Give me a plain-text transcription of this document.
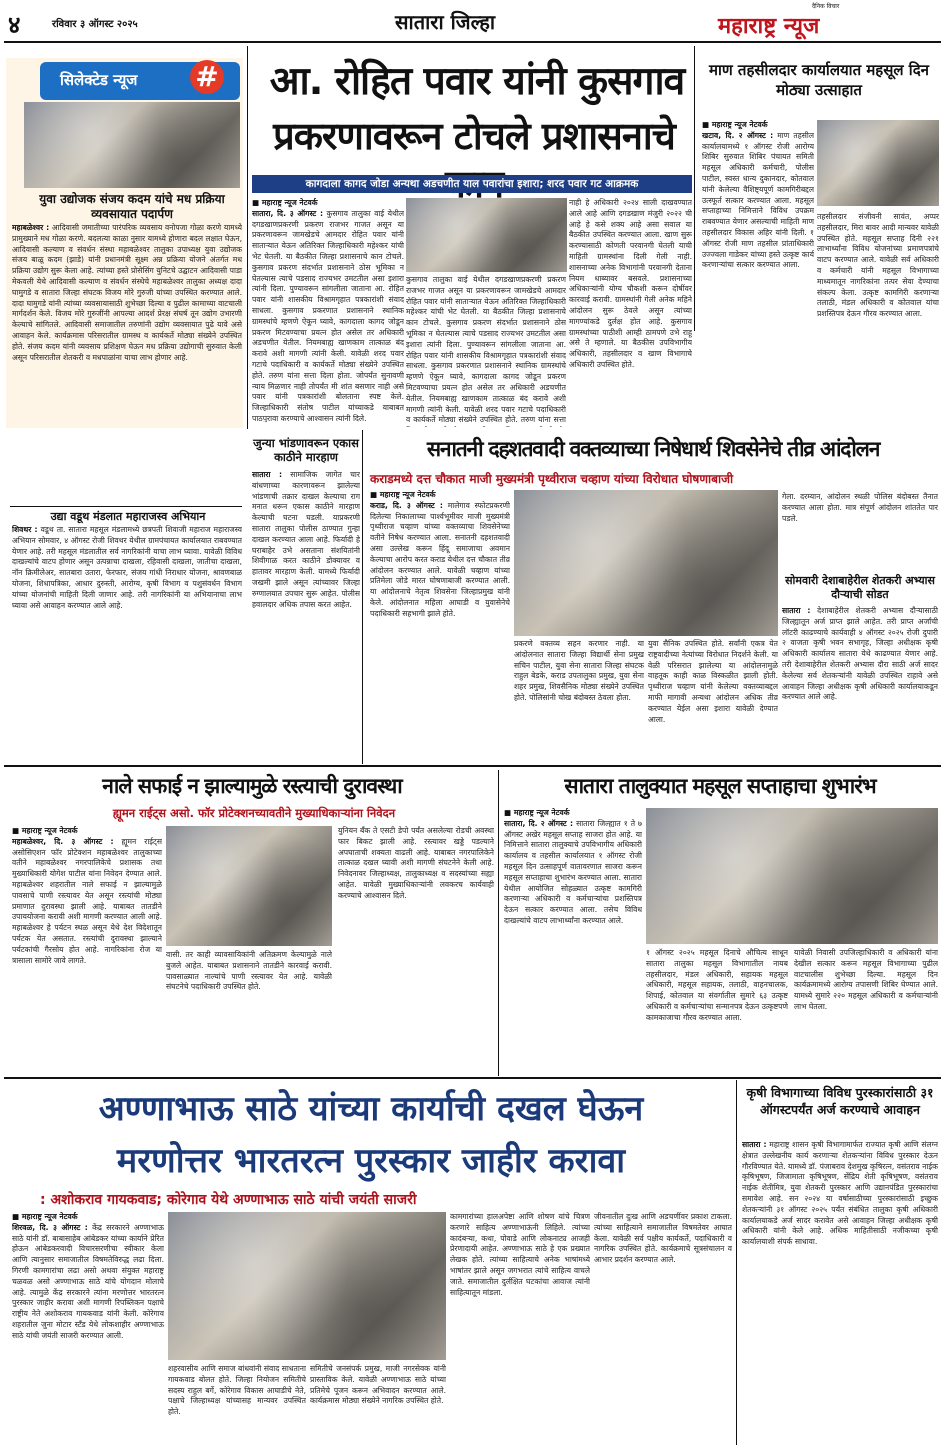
४	रविवार ३ ऑगस्ट २०२५	सातारा जिल्हा
दैनिक विचार
महाराष्ट्र न्यूज
सिलेक्टेड न्यूज #
युवा उद्योजक संजय कदम यांचे मध प्रक्रिया व्यवसायात पदार्पण
महाबळेश्वर : आदिवासी जमातीच्या पारंपरिक व्यवसाय वनोपजा गोळा करणे यामध्ये प्रामुख्याने मध गोळा करणे. बदलत्या काळा नुसार यामध्ये होणारा बदल लक्षात घेऊन, आदिवासी कल्याण व संवर्धन संस्था महाबळेश्वर तालुका उपाध्यक्ष युवा उद्योजक संजय बाळू कदम (झाडे) यांनी प्रधानमंत्री सूक्ष्म अन्न प्रक्रिया योजने अंतर्गत मध प्रक्रिया उद्योग सुरू केला आहे. त्यांच्या हस्ते प्रोसेसिंग युनिटचे उद्घाटन आदिवासी पाडा मेकवली येथे आदिवासी कल्याण व संवर्धन संस्थेचे महाबळेश्वर तालुका अध्यक्ष दादा घामुगडे व सातारा जिल्हा संघटक विजय मोरे गुरुजी यांच्या उपस्थित करण्यात आले. दादा घामुगडे यांनी त्यांच्या व्यवसायासाठी शुभेच्छा दिल्या व पुढील कामाच्या वाटचाली मार्गदर्शन केले. विजय मोरे गुरुजींनी आपल्या आदर्श प्रेरक्ष संघर्ष तून उद्योग उभारणी केल्याचे सांगितले. आदिवासी समाजातील तरुणांनी उद्योग व्यवसायात पुढे यावे असे आवाहन केले. कार्यक्रमास परिसरातील ग्रामस्थ व कार्यकर्ते मोठ्या संख्येने उपस्थित होते. संजय कदम यांनी व्यवसाय प्रशिक्षण घेऊन मध प्रक्रिया उद्योगाची सुरुवात केली असून परिसरातील शेतकरी व मधपाळांना याचा लाभ होणार आहे.
उद्या वडूथ मंडलात महाराजस्व अभियान
शिवथर : वडूथ ता. सातारा महसूल मंडलामध्ये छत्रपती शिवाजी महाराज महाराजस्व अभियान सोमवार, ४ ऑगस्ट रोजी शिवथर येथील ग्रामपंचायत कार्यालयात राबवण्यात येणार आहे. तरी महसूल मंडलातील सर्व नागरिकांनी याचा लाभ घ्यावा. यावेळी विविध दाखल्यांचे वाटप होणार असून उत्पन्नाचा दाखला, रहिवासी दाखला, जातीचा दाखला, नॉन क्रिमीलेअर, सातबारा उतारा, फेरफार, संजय गांधी निराधार योजना, श्रावणबाळ योजना, शिधापत्रिका, आधार दुरुस्ती, आरोग्य, कृषी विभाग व पशुसंवर्धन विभाग यांच्या योजनांची माहिती दिली जाणार आहे. तरी नागरिकांनी या अभियानाचा लाभ घ्यावा असे आवाहन करण्यात आले आहे.
आ. रोहित पवार यांनी कुसगाव
प्रकरणावरून टोचले प्रशासनाचे
कागदाला कागद जोडा अन्यथा अडचणीत याल पवारांचा इशारा; शरद पवार गट आक्रमक
■ महाराष्ट्र न्यूज नेटवर्क
सातारा, दि. ३ ऑगस्ट : कुसगाव तालुका वाई येथील दगडखाणप्रकरणी प्रकरण राजभर गाजत असून या प्रकरणावरून जामखेडचे आमदार रोहित पवार यांनी साताऱ्यात येऊन अतिरिक्त जिल्हाधिकारी महेश्कर यांची भेट घेतली. या बैठकीत जिल्हा प्रशासनाचे कान टोचले. कुसगाव प्रकरण संदर्भात प्रशासनाने ठोस भूमिका न घेतल्यास त्याचे पडसाद राज्यभर उमटतील असा इशारा त्यांनी दिला. पुण्यावरून सांगलीला जाताना आ. रोहित पवार यांनी शासकीय विश्रामगृहात पत्रकारांशी संवाद साधला. कुसगाव प्रकरणात प्रशासनाने स्थानिक ग्रामस्थांचे म्हणणे ऐकून घ्यावे, कागदाला कागद जोडून प्रकरण मिटवण्याचा प्रयत्न होत असेल तर अधिकारी अडचणीत येतील. नियमबाह्य खाणकाम तात्काळ बंद करावे अशी मागणी त्यांनी केली. यावेळी शरद पवार गटाचे पदाधिकारी व कार्यकर्ते मोठ्या संख्येने उपस्थित होते. तरुण यांना सत्ता दिला होता. जोपर्यंत सुनावणी न्याय मिळणार नाही तोपर्यंत मी शांत बसणार नाही असे पवार यांनी पत्रकारांशी बोलताना स्पष्ट केले. जिल्हाधिकारी संतोष पाटील यांच्याकडे याबाबत पाठपुरावा करण्याचे आश्वासन त्यांनी दिले.
कुसगाव तालुका वाई येथील दगडखाणप्रकरणी प्रकरण राजभर गाजत असून या प्रकरणावरून जामखेडचे आमदार रोहित पवार यांनी साताऱ्यात येऊन अतिरिक्त जिल्हाधिकारी महेश्कर यांची भेट घेतली. या बैठकीत जिल्हा प्रशासनाचे कान टोचले. कुसगाव प्रकरण संदर्भात प्रशासनाने ठोस भूमिका न घेतल्यास त्याचे पडसाद राज्यभर उमटतील असा इशारा त्यांनी दिला. पुण्यावरून सांगलीला जाताना आ. रोहित पवार यांनी शासकीय विश्रामगृहात पत्रकारांशी संवाद साधला. कुसगाव प्रकरणात प्रशासनाने स्थानिक ग्रामस्थांचे म्हणणे ऐकून घ्यावे, कागदाला कागद जोडून प्रकरण मिटवण्याचा प्रयत्न होत असेल तर अधिकारी अडचणीत येतील. नियमबाह्य खाणकाम तात्काळ बंद करावे अशी मागणी त्यांनी केली. यावेळी शरद पवार गटाचे पदाधिकारी व कार्यकर्ते मोठ्या संख्येने उपस्थित होते. तरुण यांना सत्ता
नाही हे अधिकारी २०२४ साली दाखवण्यात आले आहे आणि दगडखाण मंजुरी २०२२ ची आहे हे कसे शक्य आहे असा सवाल या बैठकीत उपस्थित करण्यात आला. खाण सुरू करण्यासाठी कोणती परवानगी घेतली याची माहिती ग्रामस्थांना दिली गेली नाही. शासनाच्या अनेक विभागांनी परवानगी देताना नियम धाब्यावर बसवले. प्रशासनाच्या अधिकाऱ्यांनी योग्य चौकशी करून दोषींवर कारवाई करावी. ग्रामस्थांनी गेली अनेक महिने आंदोलन सुरू ठेवले असून त्यांच्या मागण्यांकडे दुर्लक्ष होत आहे. कुसगाव ग्रामस्थांच्या पाठीशी आम्ही ठामपणे उभे राहू असे ते म्हणाले. या बैठकीस उपविभागीय अधिकारी, तहसीलदार व खाण विभागाचे अधिकारी उपस्थित होते.
माण तहसीलदार कार्यालयात महसूल दिन मोठ्या उत्साहात
■ महाराष्ट्र न्यूज नेटवर्क
खटाव, दि. २ ऑगस्ट : माण तहसील कार्यालयामध्ये १ ऑगस्ट रोजी आरोग्य शिबिर सुरुवात शिबिर पंचायत समिती महसूल अधिकारी कर्मचारी, पोलीस पाटील, स्वस्त धान्य दुकानदार, कोतवाल यांनी केलेल्या वैशिष्ट्यपूर्ण कामगिरीबद्दल उत्स्फूर्त सत्कार करण्यात आला. महसूल सप्ताहाच्या निमित्ताने विविध उपक्रम राबवण्यात येणार असल्याची माहिती माण तहसीलदार विकास अहिर यांनी दिली. १ ऑगस्ट रोजी माण तहसील प्रांताधिकारी उज्ज्वला गाडेकर यांच्या हस्ते उत्कृष्ट कार्य करणाऱ्यांचा सत्कार करण्यात आला.
तहसीलदार संजीवनी सावंत, अप्पर तहसीलदार, मिरा बावर आदी मान्यवर यावेळी उपस्थित होते. महसूल सप्ताह दिनी २२१ लाभार्थ्यांना विविध योजनांच्या प्रमाणपत्रांचे वाटप करण्यात आले. यावेळी सर्व अधिकारी व कर्मचारी यांनी महसूल विभागाच्या माध्यमातून नागरिकांना तत्पर सेवा देण्याचा संकल्प केला. उत्कृष्ट कामगिरी करणाऱ्या तलाठी, मंडल अधिकारी व कोतवाल यांचा प्रशस्तिपत्र देऊन गौरव करण्यात आला.
जुन्या भांडणावरून एकास काठीने मारहाण
सातारा : सामाजिक जागेत चार बांधणाच्या कारणावरून झालेल्या भांडणाची तक्रार दाखल केल्याचा राग मनात धरून एकास काठीने मारहाण केल्याची घटना घडली. याप्रकरणी सातारा तालुका पोलीस ठाण्यात गुन्हा दाखल करण्यात आला आहे. फिर्यादी हे घराबाहेर उभे असताना संशयितांनी शिवीगाळ करत काठीने डोक्यावर व हातावर मारहाण केली. यामध्ये फिर्यादी जखमी झाले असून त्यांच्यावर जिल्हा रुग्णालयात उपचार सुरू आहेत. पोलीस हवालदार अधिक तपास करत आहेत.
सनातनी दहशतवादी वक्तव्याच्या निषेधार्थ शिवसेनेचे तीव्र आंदोलन
कराडमध्ये दत्त चौकात माजी मुख्यमंत्री पृथ्वीराज चव्हाण यांच्या विरोधात घोषणाबाजी
■ महाराष्ट्र न्यूज नेटवर्क
कराड, दि. ३ ऑगस्ट : मालेगाव स्फोटप्रकरणी दिलेल्या निकालाच्या पार्श्वभूमीवर माजी मुख्यमंत्री पृथ्वीराज चव्हाण यांच्या वक्तव्याचा शिवसेनेच्या वतीने निषेध करण्यात आला. सनातनी दहशतवादी असा उल्लेख करून हिंदू समाजाचा अवमान केल्याचा आरोप करत कराड येथील दत्त चौकात तीव्र आंदोलन करण्यात आले. यावेळी चव्हाण यांच्या प्रतिमेला जोडे मारत घोषणाबाजी करण्यात आली. या आंदोलनाचे नेतृत्व शिवसेना जिल्हाप्रमुख यांनी केले. आंदोलनात महिला आघाडी व युवासेनेचे पदाधिकारी सहभागी झाले होते.
प्रकरणे वक्तव्य सहन करणार नाही. या आंदोलनात सातारा जिल्हा विद्यार्थी सेना प्रमुख सचिन पाटील, युवा सेना सातारा जिल्हा संघटक राहुल बेडके, कराड उपतालुका प्रमुख, युवा सेना शहर प्रमुख, शिवसैनिक मोठ्या संख्येने उपस्थित होते. पोलिसांनी चोख बंदोबस्त ठेवला होता.
युवा सैनिक उपस्थित होते. सर्वांनी एकत्र येत राष्ट्रवादीच्या नेत्यांच्या विरोधात निदर्शने केली. या वेळी परिसरात झालेल्या या आंदोलनामुळे वाहतूक काही काळ विस्कळीत झाली होती. पृथ्वीराज चव्हाण यांनी केलेल्या वक्तव्याबद्दल माफी मागावी अन्यथा आंदोलन अधिक तीव्र करण्यात येईल असा इशारा यावेळी देण्यात आला.
गेला. दरम्यान, आंदोलन स्थळी पोलिस बंदोबस्त तैनात करण्यात आला होता. मात्र संपूर्ण आंदोलन शांततेत पार पडले.
सोमवारी देशाबाहेरील शेतकरी अभ्यास दौऱ्याची सोडत
सातारा : देशाबाहेरील शेतकरी अभ्यास दौऱ्यासाठी जिल्ह्यातून अर्ज प्राप्त झाले आहेत. तरी प्राप्त अर्जांची लॉटरी काढण्याचे कार्यवाही ४ ऑगस्ट २०२५ रोजी दुपारी २ वाजता कृषी भवन सभागृह, जिल्हा अधीक्षक कृषी अधिकारी कार्यालय सातारा येथे काढण्यात येणार आहे. तरी देशाबाहेरील शेतकरी अभ्यास दौरा साठी अर्ज सादर केलेल्या सर्व शेतकऱ्यांनी यावेळी उपस्थित राहावे असे आवाहन जिल्हा अधीक्षक कृषी अधिकारी कार्यालयाकडून करण्यात आले आहे.
नाले सफाई न झाल्यामुळे रस्त्याची दुरावस्था
ह्यूमन राईट्स असो. फॉर प्रोटेक्शनच्यावतीने मुख्याधिकाऱ्यांना निवेदन
■ महाराष्ट्र न्यूज नेटवर्क
महाबळेश्वर, दि. ३ ऑगस्ट : ह्यूमन राईट्स असोसिएशन फॉर प्रोटेक्शन महाबळेश्वर तालुकाच्या वतीने महाबळेश्वर नगरपालिकेचे प्रशासक तथा मुख्याधिकारी योगेश पाटील यांना निवेदन देण्यात आले. महाबळेश्वर शहरातील नाले सफाई न झाल्यामुळे पावसाचे पाणी रस्त्यावर येत असून रस्त्यांची मोठ्या प्रमाणात दुरावस्था झाली आहे. याबाबत तातडीने उपाययोजना करावी अशी मागणी करण्यात आली आहे. महाबळेश्वर हे पर्यटन स्थळ असून येथे देश विदेशातून पर्यटक येत असतात. रस्त्यांची दुरावस्था झाल्याने पर्यटकांची गैरसोय होत आहे. नागरिकांना रोज या त्रासाला सामोरे जावे लागते.
वासी. तर काही व्यावसायिकांनी अतिक्रमण केल्यामुळे नाले बुजले आहेत. याबाबत प्रशासनाने तातडीने कारवाई करावी. पावसाळ्यात नाल्यांचे पाणी रस्त्यावर येत आहे. यावेळी संघटनेचे पदाधिकारी उपस्थित होते.
युनियन बँक ते एसटी डेपो पर्यंत असलेल्या रोडची अवस्था फार बिकट झाली आहे. रस्त्यावर खड्डे पडल्याने अपघाताची शक्यता वाढली आहे. याबाबत नगरपालिकेने तात्काळ दखल घ्यावी अशी मागणी संघटनेने केली आहे. निवेदनावर जिल्हाध्यक्ष, तालुकाध्यक्ष व सदस्यांच्या सह्या आहेत. यावेळी मुख्याधिकाऱ्यांनी लवकरच कार्यवाही करण्याचे आश्वासन दिले.
सातारा तालुक्यात महसूल सप्ताहाचा शुभारंभ
■ महाराष्ट्र न्यूज नेटवर्क
सातारा, दि. २ ऑगस्ट : सातारा जिल्ह्यात १ ते ७ ऑगस्ट अखेर महसूल सप्ताह साजरा होत आहे. या निमित्ताने सातारा तालुक्याचे उपविभागीय अधिकारी कार्यालय व तहसील कार्यालयात १ ऑगस्ट रोजी महसूल दिन उत्साहपूर्ण वातावरणात साजरा करून महसूल सप्ताहाचा शुभारंभ करण्यात आला. सातारा येथील आयोजित सोहळ्यात उत्कृष्ट कामगिरी करणाऱ्या अधिकारी व कर्मचाऱ्यांचा प्रशस्तिपत्र देऊन सत्कार करण्यात आला. तसेच विविध दाखल्यांचे वाटप लाभार्थ्यांना करण्यात आले.
१ ऑगस्ट २०२५ महसूल दिनाचे औचित्य साधून सातारा तालुका महसूल विभागातील नायब तहसीलदार, मंडल अधिकारी, सहायक महसूल अधिकारी, महसूल सहायक, तलाठी, वाहनचालक, शिपाई, कोतवाल या संवर्गातील सुमारे ६३ उत्कृष्ट अधिकारी व कर्मचाऱ्यांचा सन्मानपत्र देऊन उत्कृष्टपणे कामकाजाचा गौरव करण्यात आला.
यावेळी निवासी उपजिल्हाधिकारी व अधिकारी यांना देखील सत्कार करून महसूल विभागाच्या पुढील वाटचालीस शुभेच्छा दिल्या. महसूल दिन कार्यक्रमामध्ये आरोग्य तपासणी शिबिर घेण्यात आले. यामध्ये सुमारे २२० महसूल अधिकारी व कर्मचाऱ्यांनी लाभ घेतला.
अण्णाभाऊ साठे यांच्या कार्याची दखल घेऊन
मरणोत्तर भारतरत्न पुरस्कार जाहीर करावा
: अशोकराव गायकवाड; कोरेगाव येथे अण्णाभाऊ साठे यांची जयंती साजरी
■ महाराष्ट्र न्यूज नेटवर्क
शिरवळ, दि. ३ ऑगस्ट : केंद्र सरकारने अण्णाभाऊ साठे यांनी डॉ. बाबासाहेब आंबेडकर यांच्या कार्याने प्रेरित होऊन आंबेडकरवादी विचारसरणीचा स्वीकार केला आणि त्यानुसार समाजातील विषमतेविरुद्ध लढा दिला. गिरणी कामगारांचा लढा असो अथवा संयुक्त महाराष्ट्र चळवळ असो अण्णाभाऊ साठे यांचे योगदान मोलाचे आहे. त्यामुळे केंद्र सरकारने त्यांना मरणोत्तर भारतरत्न पुरस्कार जाहीर करावा अशी मागणी रिपब्लिकन पक्षाचे राष्ट्रीय नेते अशोकराव गायकवाड यांनी केली. कोरेगाव शहरातील जुना मोटार स्टँड येथे लोकशाहीर अण्णाभाऊ साठे यांची जयंती साजरी करण्यात आली.
शहरवासीय आणि समाज बांधवांनी संवाद साधताना गायकवाड बोलत होते. जिल्हा नियोजन समितीचे सदस्य राहुल बर्गे, कोरेगाव विकास आघाडीचे नेते, पक्षाचे जिल्हाध्यक्ष यांच्यासह मान्यवर उपस्थित होते.
समितीचे जनसंपर्क प्रमुख, माजी नगरसेवक यांनी प्रास्ताविक केले. यावेळी अण्णाभाऊ साठे यांच्या प्रतिमेचे पूजन करून अभिवादन करण्यात आले. कार्यक्रमास मोठ्या संख्येने नागरिक उपस्थित होते.
कामगारांच्या हालअपेष्टा आणि शोषण यांचे चित्रण करणारे साहित्य अण्णाभाऊंनी लिहिले. त्यांच्या कादंबऱ्या, कथा, पोवाडे आणि लोकनाट्य आजही प्रेरणादायी आहेत. अण्णाभाऊ साठे हे एक प्रख्यात लेखक होते. त्यांच्या साहित्याचे अनेक भाषांमध्ये भाषांतर झाले असून जगभरात त्यांचे साहित्य वाचले जाते. समाजातील दुर्लक्षित घटकांचा आवाज त्यांनी साहित्यातून मांडला.
जीवनातील दुःख आणि अडचणींवर प्रकाश टाकला. त्यांच्या साहित्याने समाजातील विषमतेवर आघात केला. यावेळी सर्व पक्षीय कार्यकर्ते, पदाधिकारी व नागरिक उपस्थित होते. कार्यक्रमाचे सूत्रसंचालन व आभार प्रदर्शन करण्यात आले.
कृषी विभागाच्या विविध पुरस्कारांसाठी ३१ ऑगस्टपर्यंत अर्ज करण्याचे आवाहन
सातारा : महाराष्ट्र शासन कृषी विभागामार्फत राज्यात कृषी आणि संलग्न क्षेत्रात उल्लेखनीय कार्य करणाऱ्या शेतकऱ्यांना विविध पुरस्कार देऊन गौरविण्यात येते. यामध्ये डॉ. पंजाबराव देशमुख कृषिरत्न, वसंतराव नाईक कृषिभूषण, जिजामाता कृषिभूषण, सेंद्रिय शेती कृषिभूषण, वसंतराव नाईक शेतीमित्र, युवा शेतकरी पुरस्कार आणि उद्यानपंडित पुरस्कारांचा समावेश आहे. सन २०२४ या वर्षासाठीच्या पुरस्कारांसाठी इच्छुक शेतकऱ्यांनी ३१ ऑगस्ट २०२५ पर्यंत संबंधित तालुका कृषी अधिकारी कार्यालयाकडे अर्ज सादर करावेत असे आवाहन जिल्हा अधीक्षक कृषी अधिकारी यांनी केले आहे. अधिक माहितीसाठी नजीकच्या कृषी कार्यालयाशी संपर्क साधावा.
